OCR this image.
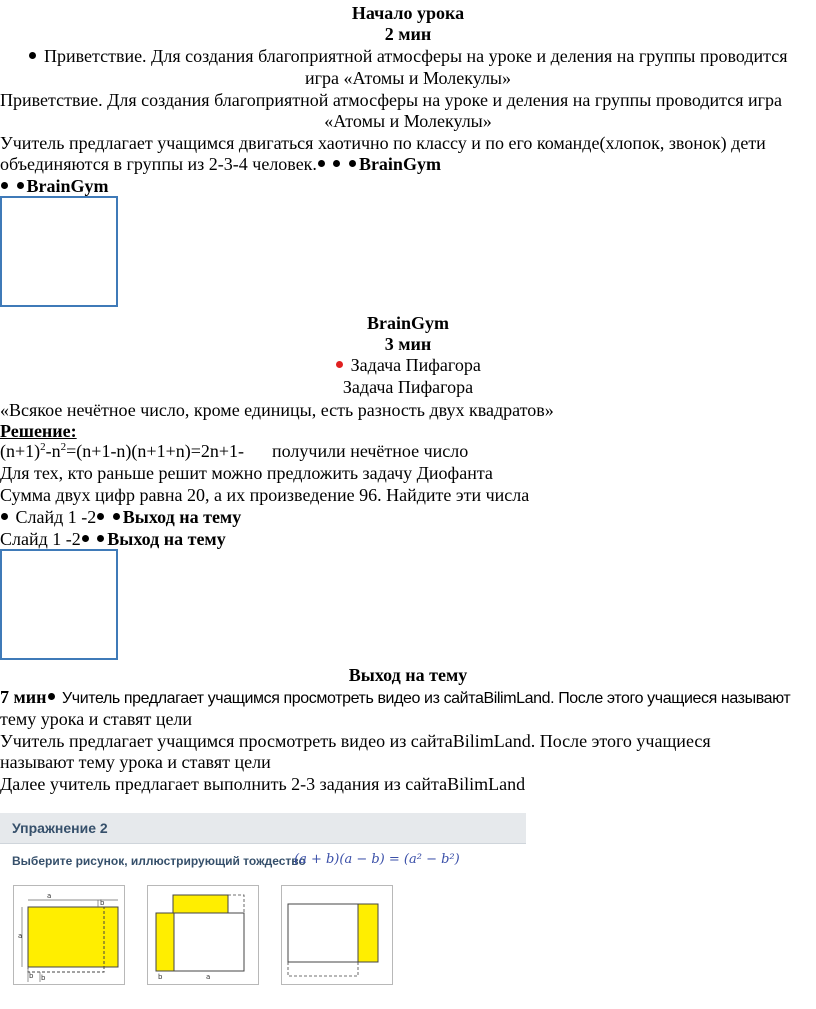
Начало урока
2 мин
Приветствие. Для создания благоприятной атмосферы на уроке и деления на группы проводится
игра «Атомы и Молекулы»
Приветствие. Для создания благоприятной атмосферы на уроке и деления на группы проводится игра
«Атомы и Молекулы»
Учитель предлагает учащимся двигаться хаотично по классу и по его команде(хлопок, звонок) дети
объединяются в группы из 2-3-4 человек. BrainGym
BrainGym
BrainGym
3 мин
Задача Пифагора
Задача Пифагора
«Всякое нечётное число, кроме единицы, есть разность двух квадратов»
Решение:
$(n+1)^2-n^2=(n+1-n)(n+1+n)=2n+1-$ получили нечётное число
Для тех, кто раньше решит можно предложить задачу Диофанта
Сумма двух цифр равна 20, а их произведение 96. Найдите эти числа
Слайд 1 -2 Выход на тему
Слайд 1 -2 Выход на тему
Выход на тему
7 мин Учитель предлагает учащимся просмотреть видео из сайтаBilimLand. После этого учащиеся называют
тему урока и ставят цели
Учитель предлагает учащимся просмотреть видео из сайтаBilimLand. После этого учащиеся
называют тему урока и ставят цели
Далее учитель предлагает выполнить 2-3 задания из сайтаBilimLand
Упражнение 2
Выберите рисунок, иллюстрирующий тождество
(a + b)(a − b) = (a² − b²)
a
b
a
b b	b	a
